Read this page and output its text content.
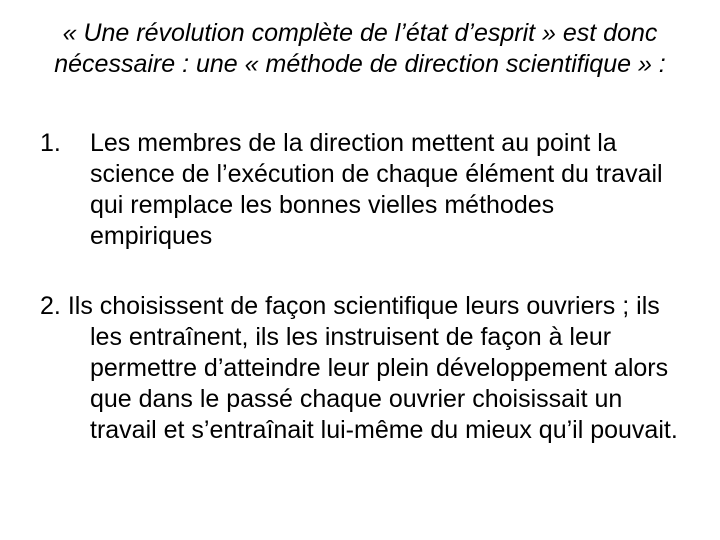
« Une révolution complète de l’état d’esprit » est donc nécessaire : une « méthode de direction scientifique » :

1.	Les membres de la direction mettent au point la science de l’exécution de chaque élément du travail qui remplace les bonnes vielles méthodes empiriques
2. Ils choisissent de façon scientifique leurs ouvriers ; ils les entraînent, ils les instruisent de façon à leur permettre d’atteindre leur plein développement alors que dans le passé chaque ouvrier choisissait un travail et s’entraînait lui-même du mieux qu’il pouvait.
